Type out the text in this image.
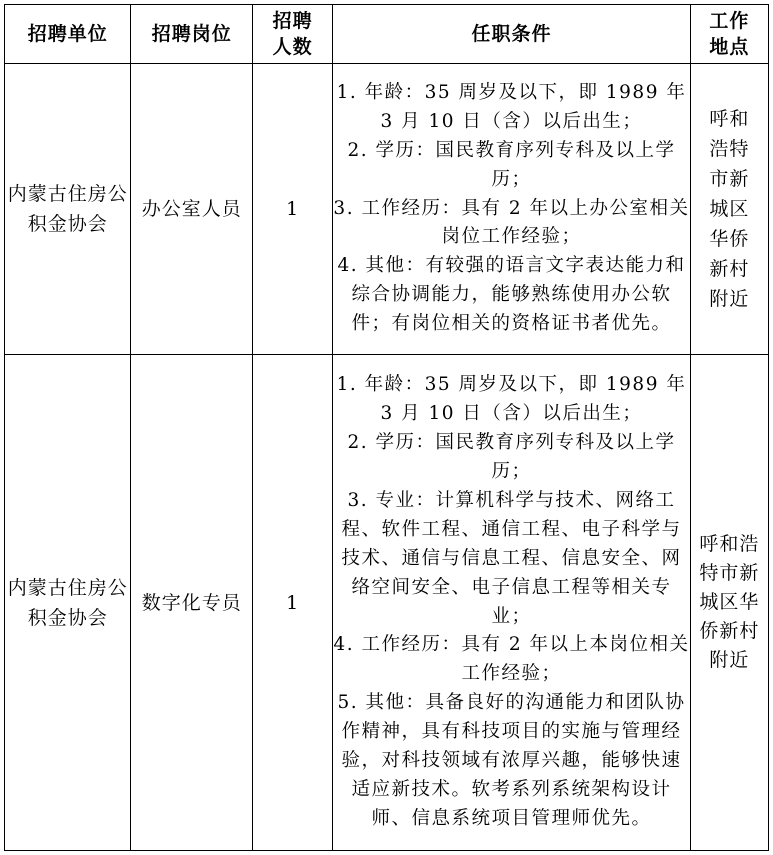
招聘单位	招聘岗位	招聘人数	任职条件	工作地点
内蒙古住房公积金协会	办公室人员	1	1. 年龄：35 周岁及以下，即 1989 年 3 月 10 日（含）以后出生；
2. 学历：国民教育序列专科及以上学历；
3. 工作经历：具有 2 年以上办公室相关岗位工作经验；
4. 其他：有较强的语言文字表达能力和综合协调能力，能够熟练使用办公软件；有岗位相关的资格证书者优先。	呼和浩特市新城区华侨新村附近
内蒙古住房公积金协会	数字化专员	1	1. 年龄：35 周岁及以下，即 1989 年 3 月 10 日（含）以后出生；
2. 学历：国民教育序列专科及以上学历；
3. 专业：计算机科学与技术、网络工程、软件工程、通信工程、电子科学与技术、通信与信息工程、信息安全、网络空间安全、电子信息工程等相关专业；
4. 工作经历：具有 2 年以上本岗位相关工作经验；
5. 其他：具备良好的沟通能力和团队协作精神，具有科技项目的实施与管理经验，对科技领域有浓厚兴趣，能够快速适应新技术。软考系列系统架构设计师、信息系统项目管理师优先。	呼和浩特市新城区华侨新村附近
